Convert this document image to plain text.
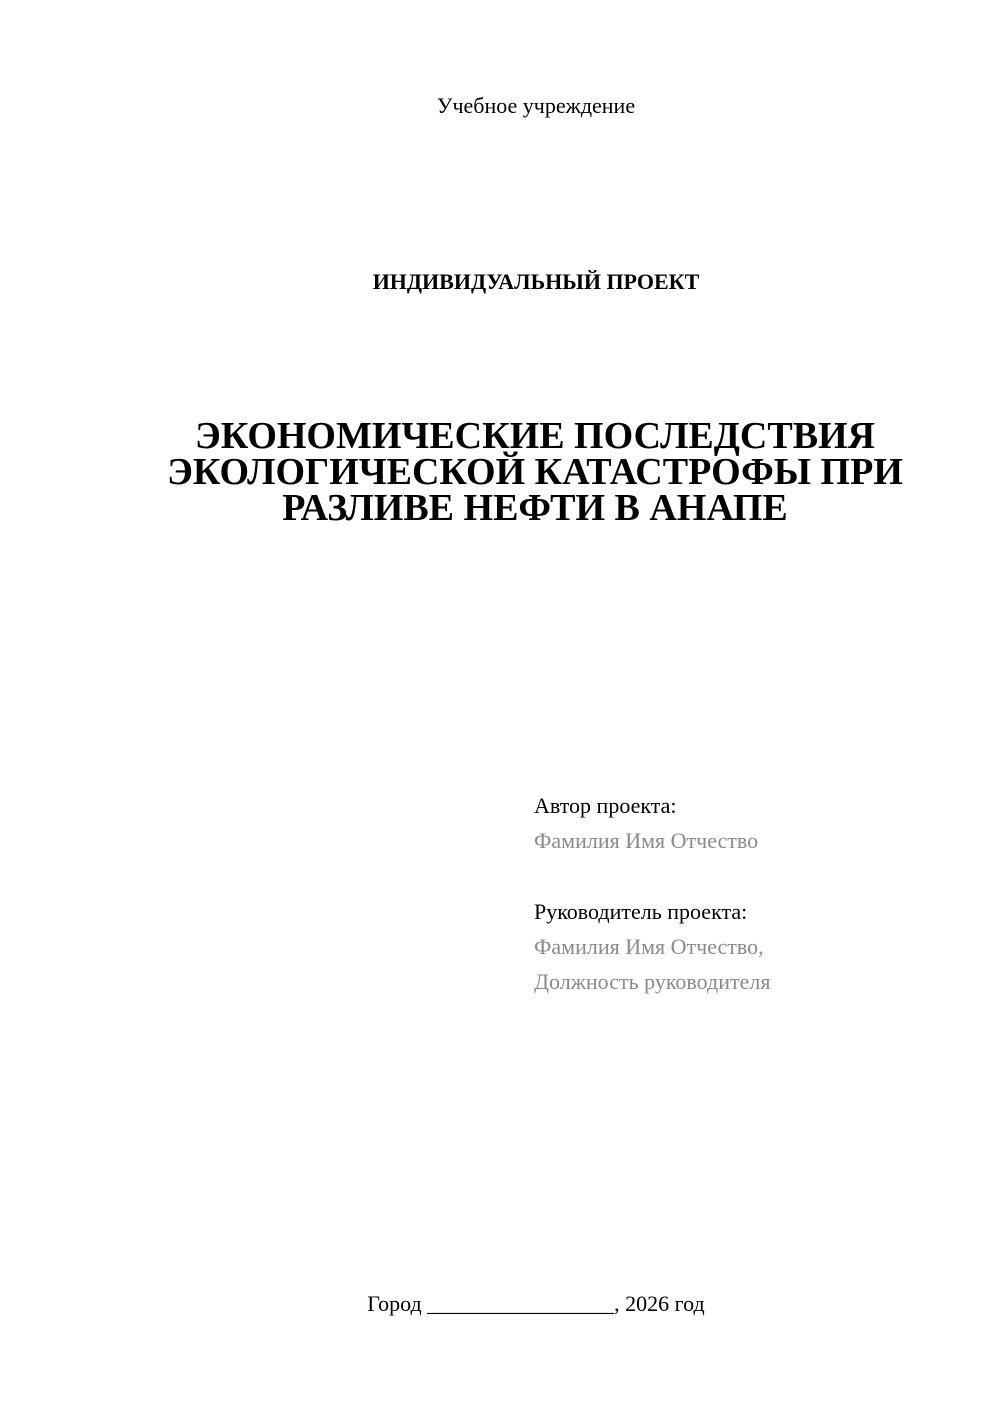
Учебное учреждение
ИНДИВИДУАЛЬНЫЙ ПРОЕКТ
ЭКОНОМИЧЕСКИЕ ПОСЛЕДСТВИЯ
ЭКОЛОГИЧЕСКОЙ КАТАСТРОФЫ ПРИ
РАЗЛИВЕ НЕФТИ В АНАПЕ
Автор проекта:
Фамилия Имя Отчество
Руководитель проекта:
Фамилия Имя Отчество,
Должность руководителя
Город _________________, 2026 год
